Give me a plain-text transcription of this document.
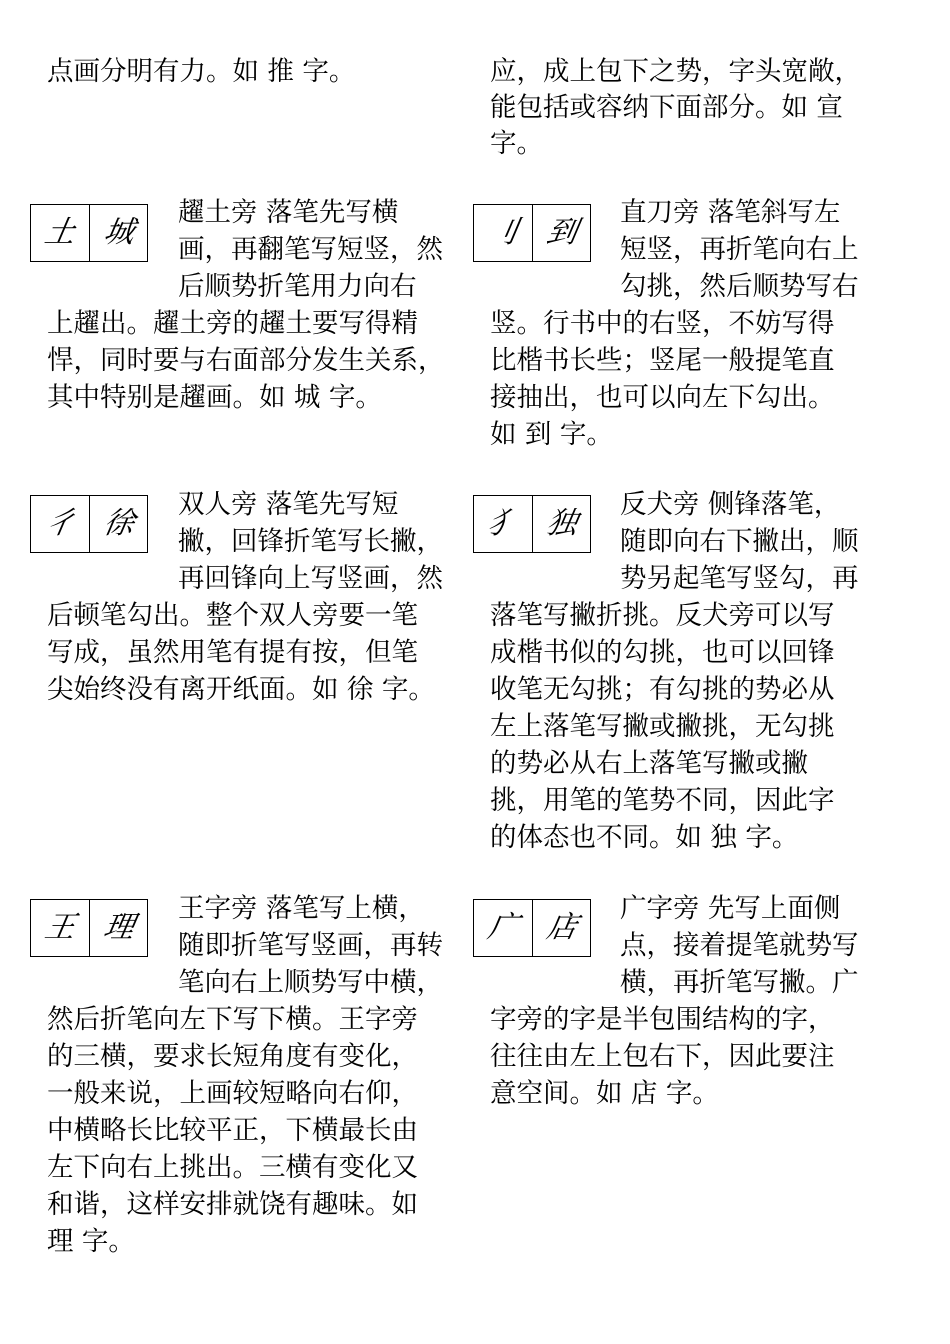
点画分明有力。如 推 字。	应，成上包下之势，字头宽敞，
能包括或容纳下面部分。如 宣
字。
土 城
趯土旁 落笔先写横
画，再翻笔写短竖，然
后顺势折笔用力向右
上趯出。趯土旁的趯土要写得精
悍，同时要与右面部分发生关系，
其中特别是趯画。如 城 字。
刂 到
直刀旁 落笔斜写左
短竖，再折笔向右上
勾挑，然后顺势写右
竖。行书中的右竖，不妨写得
比楷书长些；竖尾一般提笔直
接抽出，也可以向左下勾出。
如 到 字。
彳 徐
双人旁 落笔先写短
撇，回锋折笔写长撇，
再回锋向上写竖画，然
后顿笔勾出。整个双人旁要一笔
写成，虽然用笔有提有按，但笔
尖始终没有离开纸面。如 徐 字。
犭 独
反犬旁 侧锋落笔，
随即向右下撇出，顺
势另起笔写竖勾，再
落笔写撇折挑。反犬旁可以写
成楷书似的勾挑，也可以回锋
收笔无勾挑；有勾挑的势必从
左上落笔写撇或撇挑，无勾挑
的势必从右上落笔写撇或撇
挑，用笔的笔势不同，因此字
的体态也不同。如 独 字。
王 理
王字旁 落笔写上横，
随即折笔写竖画，再转
笔向右上顺势写中横，
然后折笔向左下写下横。王字旁
的三横，要求长短角度有变化，
一般来说，上画较短略向右仰，
中横略长比较平正，下横最长由
左下向右上挑出。三横有变化又
和谐，这样安排就饶有趣味。如
理 字。
广 店
广字旁 先写上面侧
点，接着提笔就势写
横，再折笔写撇。广
字旁的字是半包围结构的字，
往往由左上包右下，因此要注
意空间。如 店 字。
